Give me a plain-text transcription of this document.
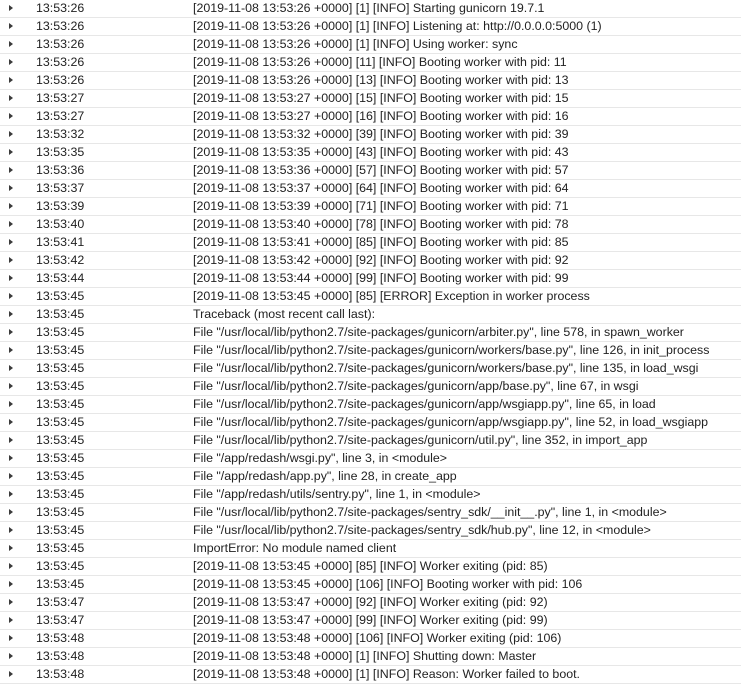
13:53:26	[2019-11-08 13:53:26 +0000] [1] [INFO] Starting gunicorn 19.7.1
13:53:26	[2019-11-08 13:53:26 +0000] [1] [INFO] Listening at: http://0.0.0.0:5000 (1)
13:53:26	[2019-11-08 13:53:26 +0000] [1] [INFO] Using worker: sync
13:53:26	[2019-11-08 13:53:26 +0000] [11] [INFO] Booting worker with pid: 11
13:53:26	[2019-11-08 13:53:26 +0000] [13] [INFO] Booting worker with pid: 13
13:53:27	[2019-11-08 13:53:27 +0000] [15] [INFO] Booting worker with pid: 15
13:53:27	[2019-11-08 13:53:27 +0000] [16] [INFO] Booting worker with pid: 16
13:53:32	[2019-11-08 13:53:32 +0000] [39] [INFO] Booting worker with pid: 39
13:53:35	[2019-11-08 13:53:35 +0000] [43] [INFO] Booting worker with pid: 43
13:53:36	[2019-11-08 13:53:36 +0000] [57] [INFO] Booting worker with pid: 57
13:53:37	[2019-11-08 13:53:37 +0000] [64] [INFO] Booting worker with pid: 64
13:53:39	[2019-11-08 13:53:39 +0000] [71] [INFO] Booting worker with pid: 71
13:53:40	[2019-11-08 13:53:40 +0000] [78] [INFO] Booting worker with pid: 78
13:53:41	[2019-11-08 13:53:41 +0000] [85] [INFO] Booting worker with pid: 85
13:53:42	[2019-11-08 13:53:42 +0000] [92] [INFO] Booting worker with pid: 92
13:53:44	[2019-11-08 13:53:44 +0000] [99] [INFO] Booting worker with pid: 99
13:53:45	[2019-11-08 13:53:45 +0000] [85] [ERROR] Exception in worker process
13:53:45	Traceback (most recent call last):
13:53:45	File "/usr/local/lib/python2.7/site-packages/gunicorn/arbiter.py", line 578, in spawn_worker
13:53:45	File "/usr/local/lib/python2.7/site-packages/gunicorn/workers/base.py", line 126, in init_process
13:53:45	File "/usr/local/lib/python2.7/site-packages/gunicorn/workers/base.py", line 135, in load_wsgi
13:53:45	File "/usr/local/lib/python2.7/site-packages/gunicorn/app/base.py", line 67, in wsgi
13:53:45	File "/usr/local/lib/python2.7/site-packages/gunicorn/app/wsgiapp.py", line 65, in load
13:53:45	File "/usr/local/lib/python2.7/site-packages/gunicorn/app/wsgiapp.py", line 52, in load_wsgiapp
13:53:45	File "/usr/local/lib/python2.7/site-packages/gunicorn/util.py", line 352, in import_app
13:53:45	File "/app/redash/wsgi.py", line 3, in <module>
13:53:45	File "/app/redash/app.py", line 28, in create_app
13:53:45	File "/app/redash/utils/sentry.py", line 1, in <module>
13:53:45	File "/usr/local/lib/python2.7/site-packages/sentry_sdk/__init__.py", line 1, in <module>
13:53:45	File "/usr/local/lib/python2.7/site-packages/sentry_sdk/hub.py", line 12, in <module>
13:53:45	ImportError: No module named client
13:53:45	[2019-11-08 13:53:45 +0000] [85] [INFO] Worker exiting (pid: 85)
13:53:45	[2019-11-08 13:53:45 +0000] [106] [INFO] Booting worker with pid: 106
13:53:47	[2019-11-08 13:53:47 +0000] [92] [INFO] Worker exiting (pid: 92)
13:53:47	[2019-11-08 13:53:47 +0000] [99] [INFO] Worker exiting (pid: 99)
13:53:48	[2019-11-08 13:53:48 +0000] [106] [INFO] Worker exiting (pid: 106)
13:53:48	[2019-11-08 13:53:48 +0000] [1] [INFO] Shutting down: Master
13:53:48	[2019-11-08 13:53:48 +0000] [1] [INFO] Reason: Worker failed to boot.
